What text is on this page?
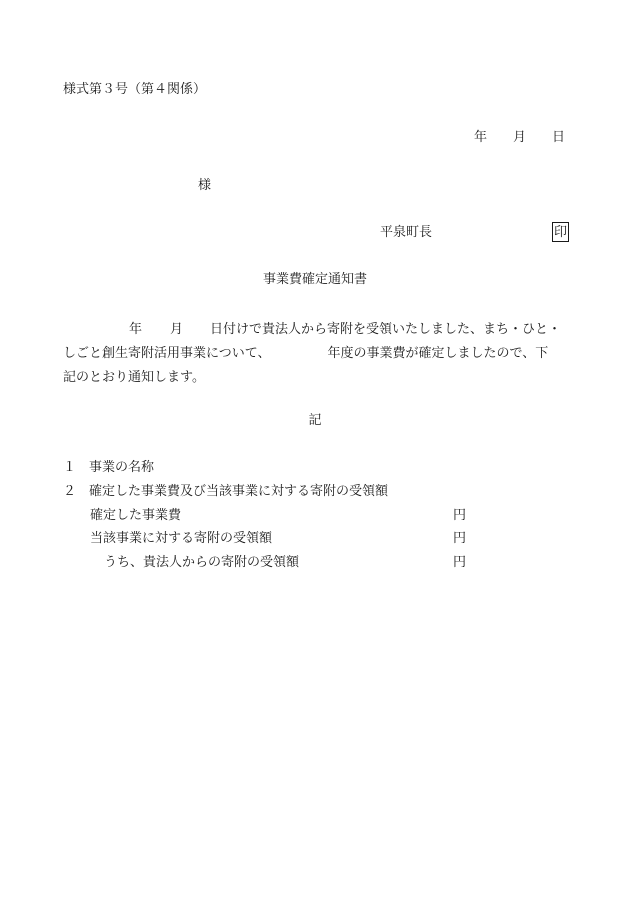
様式第３号（第４関係）
年 月 日
様
平泉町長	印
事業費確定通知書
年 月 日付けで貴法人から寄附を受領いたしました、まち・ひと・
しごと創生寄附活用事業について、	年度の事業費が確定しましたので、下
記のとおり通知します。
記
１ 事業の名称
２ 確定した事業費及び当該事業に対する寄附の受領額
確定した事業費	円
当該事業に対する寄附の受領額	円
うち、貴法人からの寄附の受領額	円
